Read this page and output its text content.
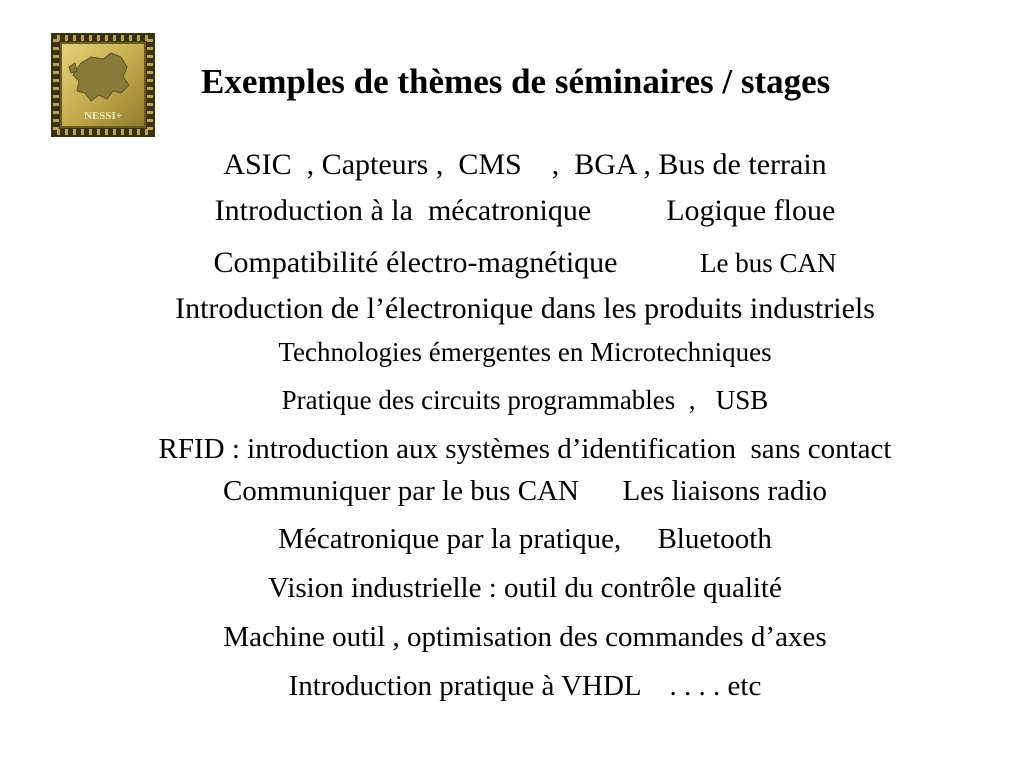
NESSI+
Exemples de thèmes de séminaires / stages

ASIC  , Capteurs ,  CMS    ,  BGA , Bus de terrain

Introduction à la  mécatronique          Logique floue

Compatibilité électro-magnétique	Le bus CAN

Introduction de l’électronique dans les produits industriels

Technologies émergentes en Microtechniques

Pratique des circuits programmables  ,   USB

RFID : introduction aux systèmes d’identification  sans contact

Communiquer par le bus CAN      Les liaisons radio

Mécatronique par la pratique,     Bluetooth

Vision industrielle : outil du contrôle qualité

Machine outil , optimisation des commandes d’axes

Introduction pratique à VHDL    . . . . etc
